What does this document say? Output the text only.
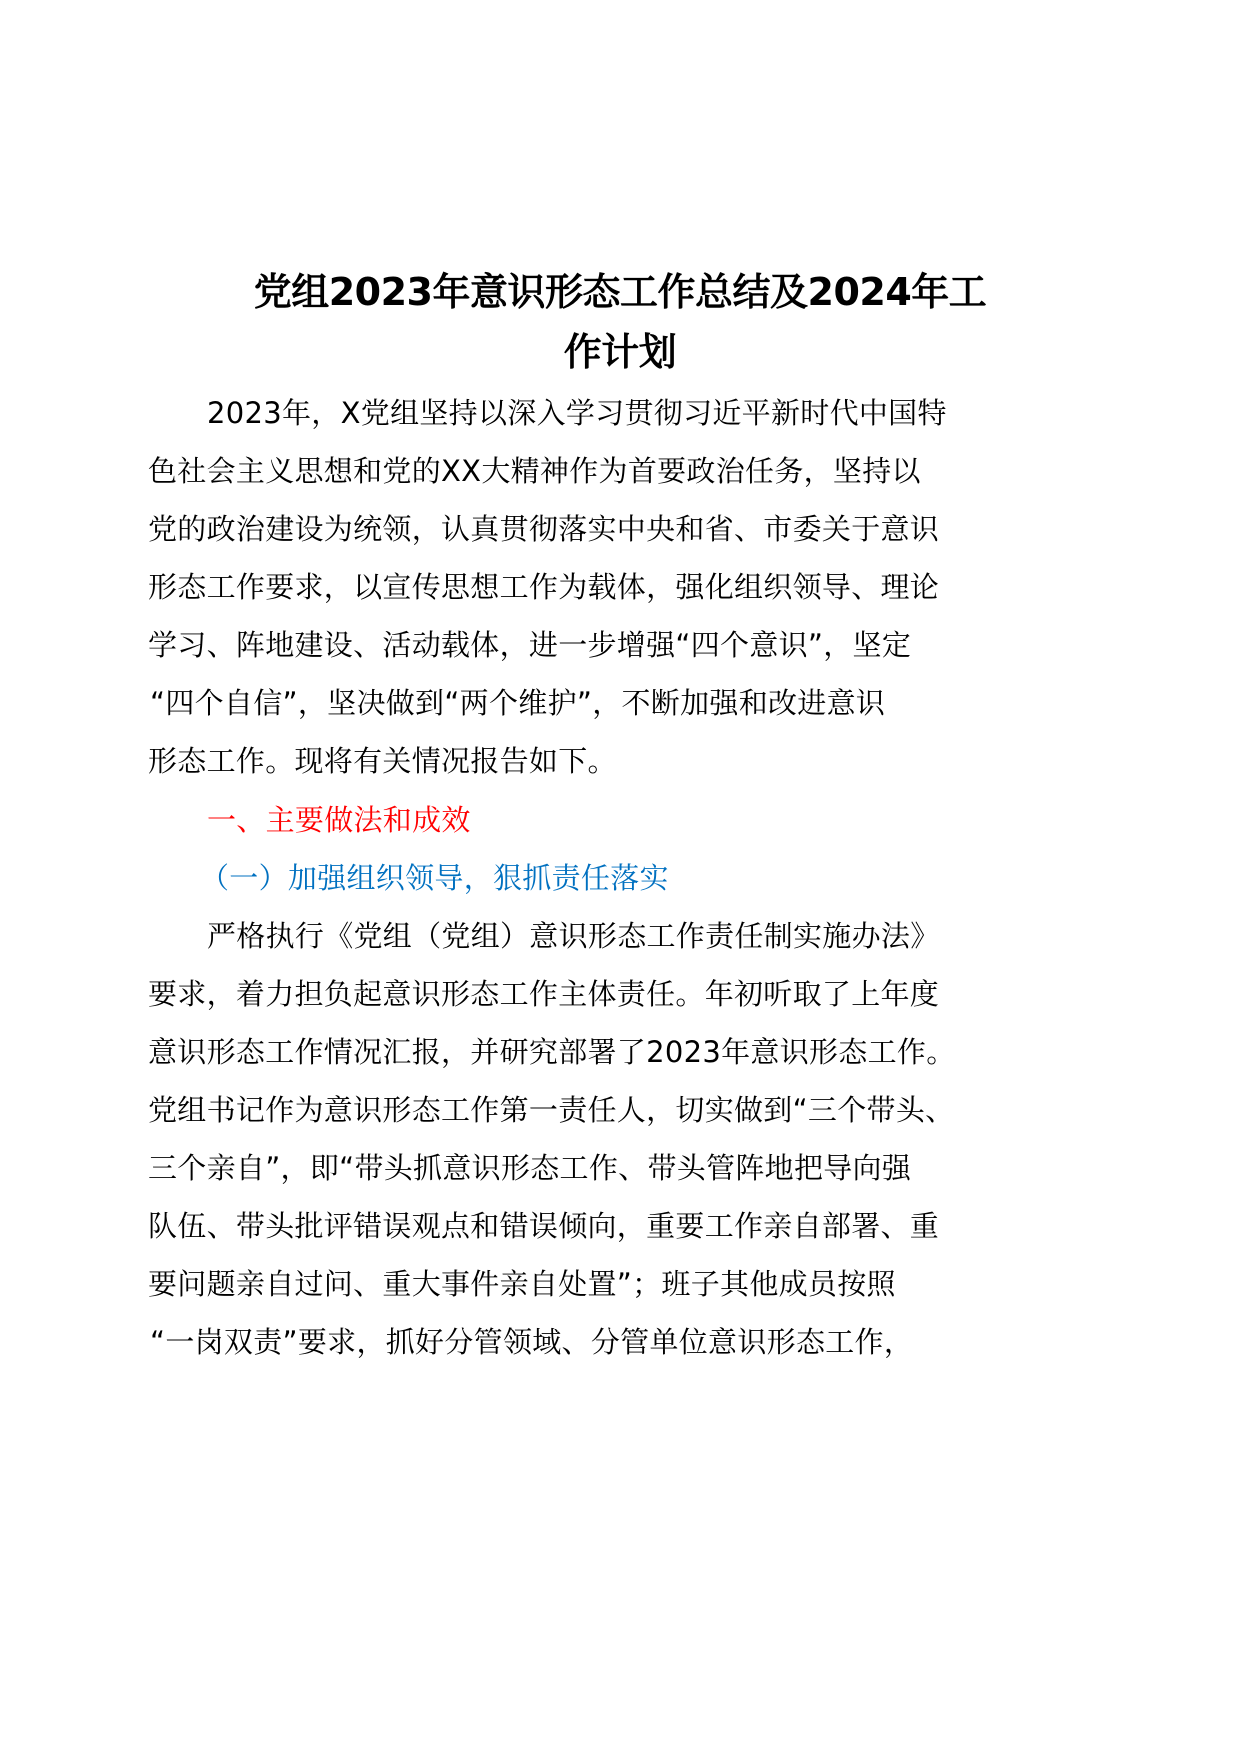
党组2023年意识形态工作总结及2024年工
作计划
2023年，X党组坚持以深入学习贯彻习近平新时代中国特
色社会主义思想和党的XX大精神作为首要政治任务，坚持以
党的政治建设为统领，认真贯彻落实中央和省、市委关于意识
形态工作要求，以宣传思想工作为载体，强化组织领导、理论
学习、阵地建设、活动载体，进一步增强“四个意识”，坚定
“四个自信”，坚决做到“两个维护”，不断加强和改进意识
形态工作。现将有关情况报告如下。
一、主要做法和成效
（一）加强组织领导，狠抓责任落实
严格执行《党组（党组）意识形态工作责任制实施办法》
要求，着力担负起意识形态工作主体责任。年初听取了上年度
意识形态工作情况汇报，并研究部署了2023年意识形态工作。
党组书记作为意识形态工作第一责任人，切实做到“三个带头、
三个亲自”，即“带头抓意识形态工作、带头管阵地把导向强
队伍、带头批评错误观点和错误倾向，重要工作亲自部署、重
要问题亲自过问、重大事件亲自处置”；班子其他成员按照
“一岗双责”要求，抓好分管领域、分管单位意识形态工作，
